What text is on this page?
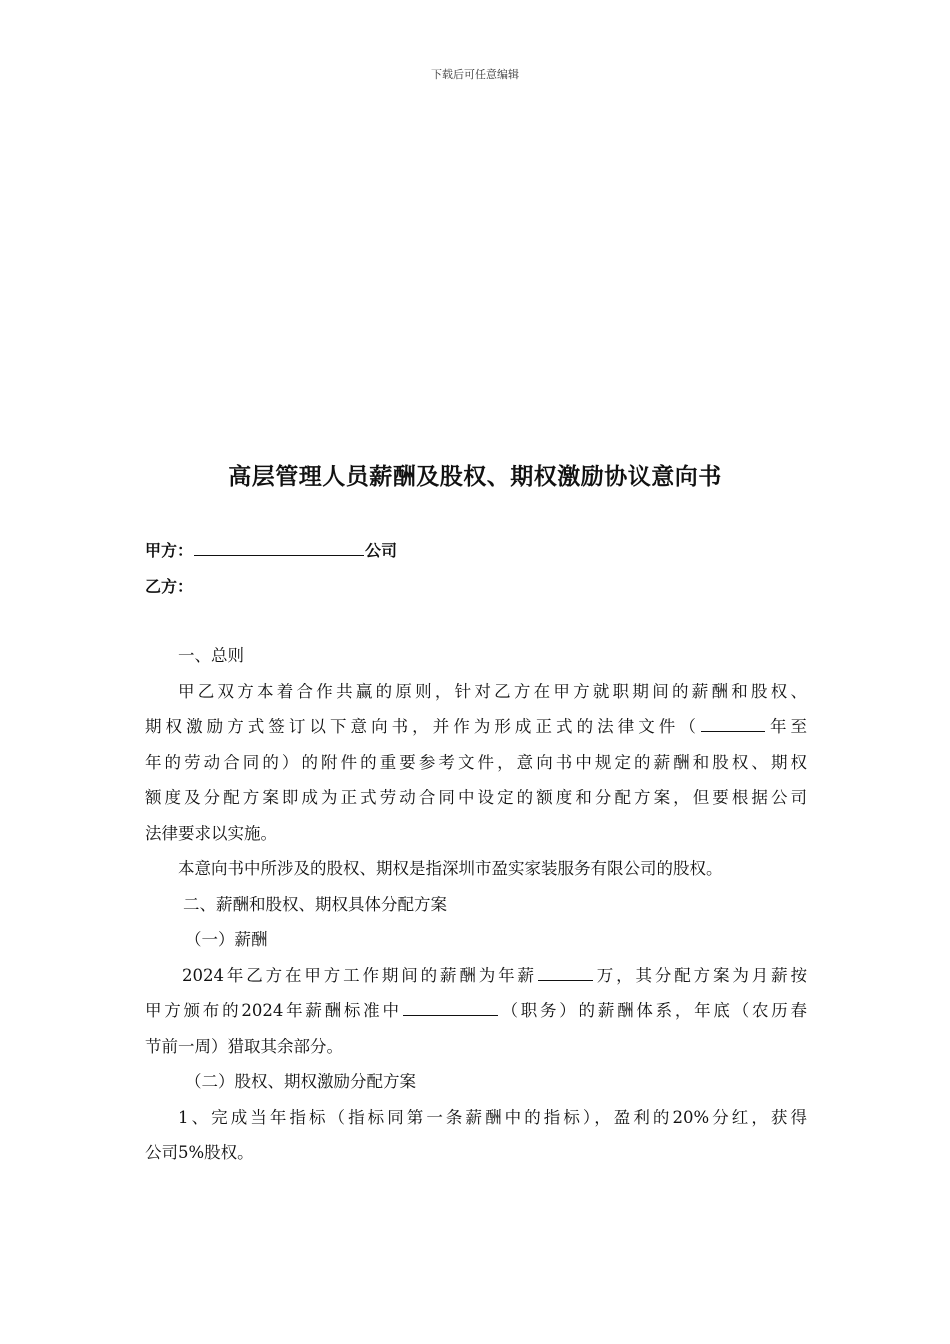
下载后可任意编辑
高层管理人员薪酬及股权、期权激励协议意向书
甲方：	公司
乙方：
一、总则
甲乙双方本着合作共赢的原则，针对乙方在甲方就职期间的薪酬和股权、
期权激励方式签订以下意向书，并作为形成正式的法律文件（	年至
年的劳动合同的）的附件的重要参考文件，意向书中规定的薪酬和股权、期权
额度及分配方案即成为正式劳动合同中设定的额度和分配方案，但要根据公司
法律要求以实施。
本意向书中所涉及的股权、期权是指深圳市盈实家装服务有限公司的股权。
二、薪酬和股权、期权具体分配方案
（一）薪酬
2024年乙方在甲方工作期间的薪酬为年薪	万，其分配方案为月薪按
甲方颁布的2024年薪酬标准中	（职务）的薪酬体系，年底（农历春
节前一周）猎取其余部分。
（二）股权、期权激励分配方案
1、完成当年指标（指标同第一条薪酬中的指标），盈利的20%分红，获得
公司5%股权。
